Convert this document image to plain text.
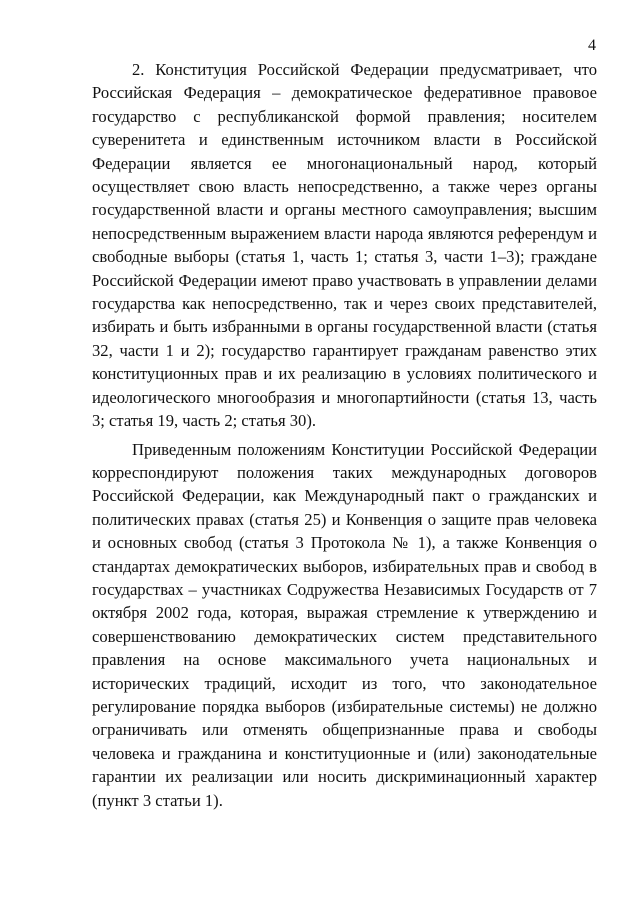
4

2. Конституция Российской Федерации предусматривает, что Российская Федерация – демократическое федеративное правовое государство с республиканской формой правления; носителем суверенитета и единственным источником власти в Российской Федерации является ее многонациональный народ, который осуществляет свою власть непосредственно, а также через органы государственной власти и органы местного самоуправления; высшим непосредственным выражением власти народа являются референдум и свободные выборы (статья 1, часть 1; статья 3, части 1–3); граждане Российской Федерации имеют право участвовать в управлении делами государства как непосредственно, так и через своих представителей, избирать и быть избранными в органы государственной власти (статья 32, части 1 и 2); государство гарантирует гражданам равенство этих конституционных прав и их реализацию в условиях политического и идеологического многообразия и многопартийности (статья 13, часть 3; статья 19, часть 2; статья 30).

Приведенным положениям Конституции Российской Федерации корреспондируют положения таких международных договоров Российской Федерации, как Международный пакт о гражданских и политических правах (статья 25) и Конвенция о защите прав человека и основных свобод (статья 3 Протокола № 1), а также Конвенция о стандартах демократических выборов, избирательных прав и свобод в государствах – участниках Содружества Независимых Государств от 7 октября 2002 года, которая, выражая стремление к утверждению и совершенствованию демократических систем представительного правления на основе максимального учета национальных и исторических традиций, исходит из того, что законодательное регулирование порядка выборов (избирательные системы) не должно ограничивать или отменять общепризнанные права и свободы человека и гражданина и конституционные и (или) законодательные гарантии их реализации или носить дискриминационный характер (пункт 3 статьи 1).
